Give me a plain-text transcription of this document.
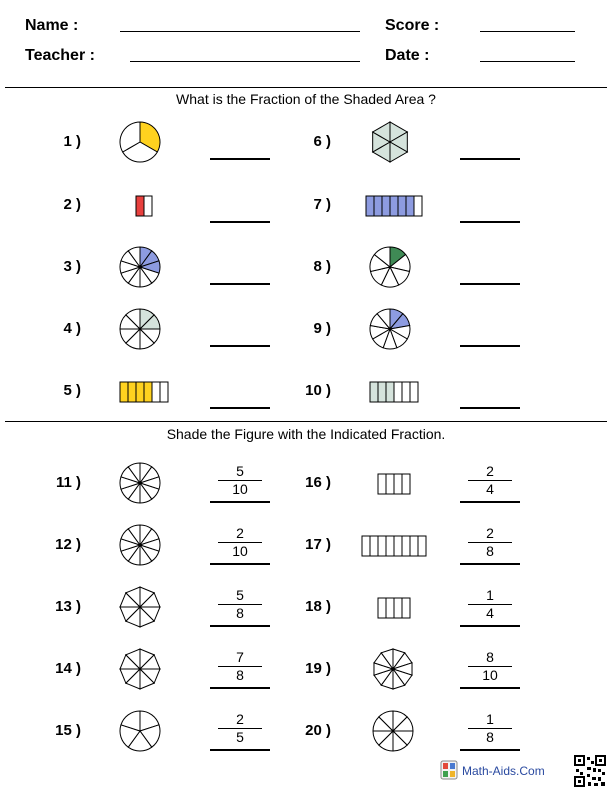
Name :	Score :
Teacher :	Date :
What is the Fraction of the Shaded Area ?
1 )
2 )
3 )
4 )
5 )
6 )
7 )
8 )
9 )
10 )
Shade the Figure with the Indicated Fraction.
11 )
5
10
12 )
2
10
13 )
5
8
14 )
7
8
15 )
2
5
16 )
2
4
17 )
2
8
18 )
1
4
19 )
8
10
20 )
1
8
Math-Aids.Com
